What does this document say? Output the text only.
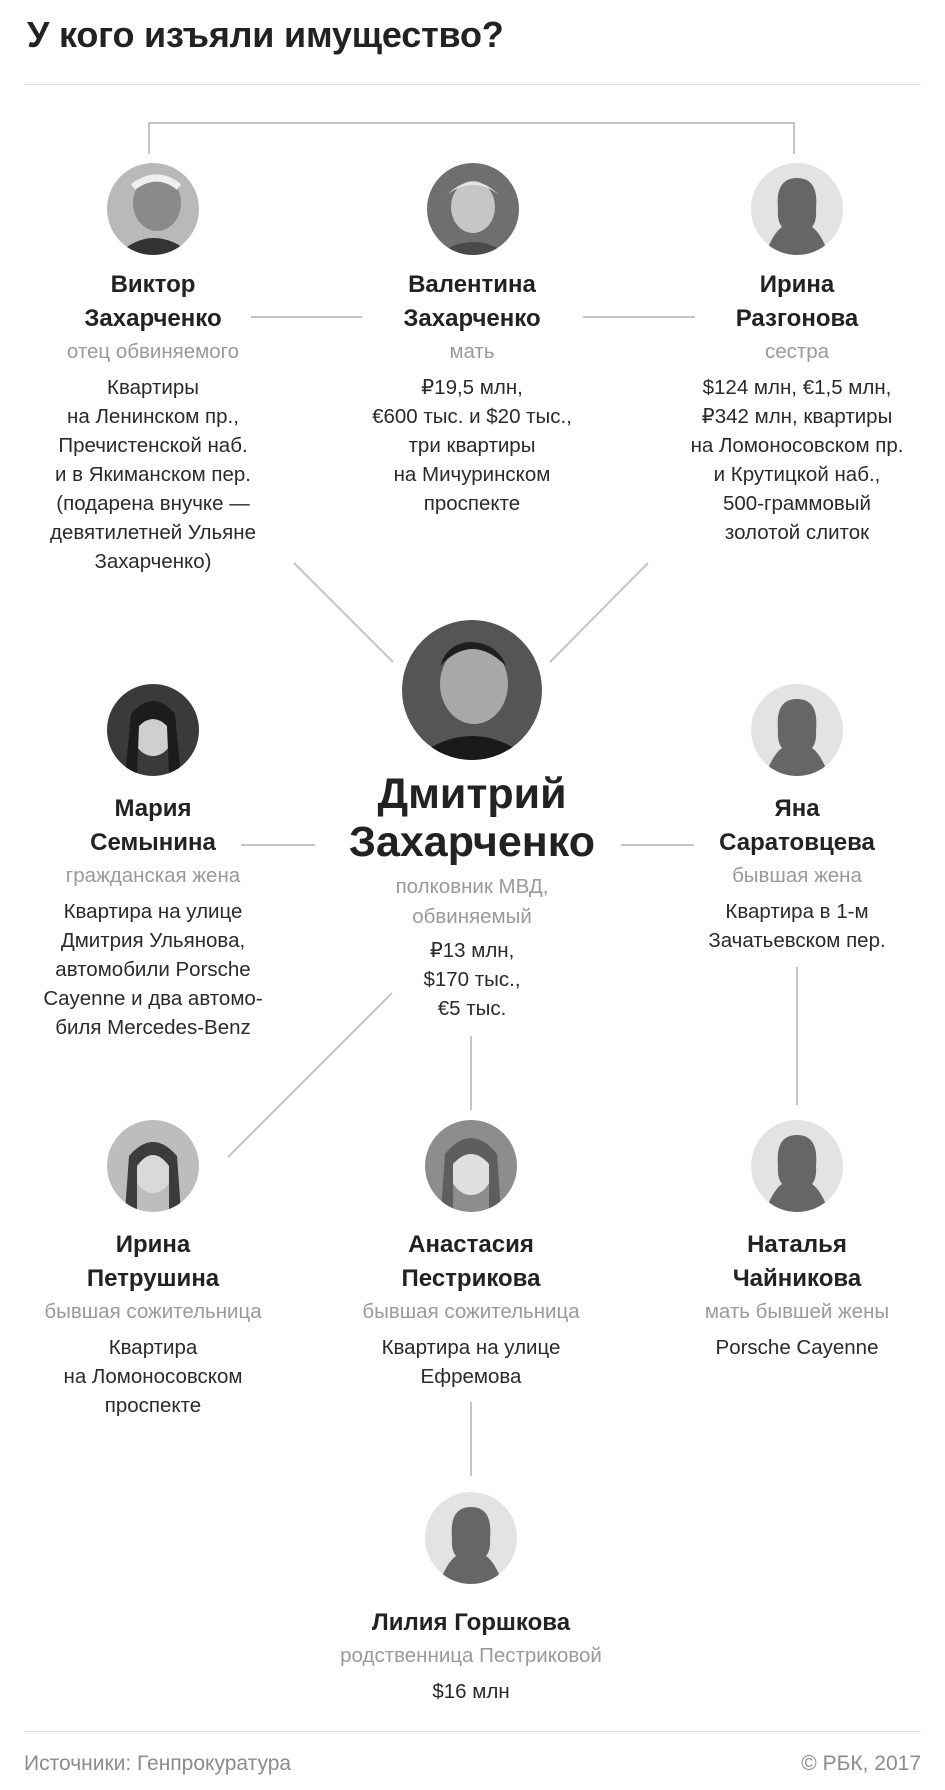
У кого изъяли имущество?
Виктор
Захарченко
отец обвиняемого
Квартиры
на Ленинском пр.,
Пречистенской наб.
и в Якиманском пер.
(подарена внучке —
девятилетней Ульяне
Захарченко)
Валентина
Захарченко
мать
₽19,5 млн,
€600 тыс. и $20 тыс.,
три квартиры
на Мичуринском
проспекте
Ирина
Разгонова
сестра
$124 млн, €1,5 млн,
₽342 млн, квартиры
на Ломоносовском пр.
и Крутицкой наб.,
500-граммовый
золотой слиток
Дмитрий
Захарченко
полковник МВД,
обвиняемый
₽13 млн,
$170 тыс.,
€5 тыс.
Мария
Семынина
гражданская жена
Квартира на улице
Дмитрия Ульянова,
автомобили Porsche
Cayenne и два автомо-
биля Mercedes-Benz
Яна
Саратовцева
бывшая жена
Квартира в 1-м
Зачатьевском пер.
Ирина
Петрушина
бывшая сожительница
Квартира
на Ломоносовском
проспекте
Анастасия
Пестрикова
бывшая сожительница
Квартира на улице
Ефремова
Наталья
Чайникова
мать бывшей жены
Porsche Cayenne
Лилия Горшкова
родственница Пестриковой
$16 млн
Источники: Генпрокуратура	© РБК, 2017
